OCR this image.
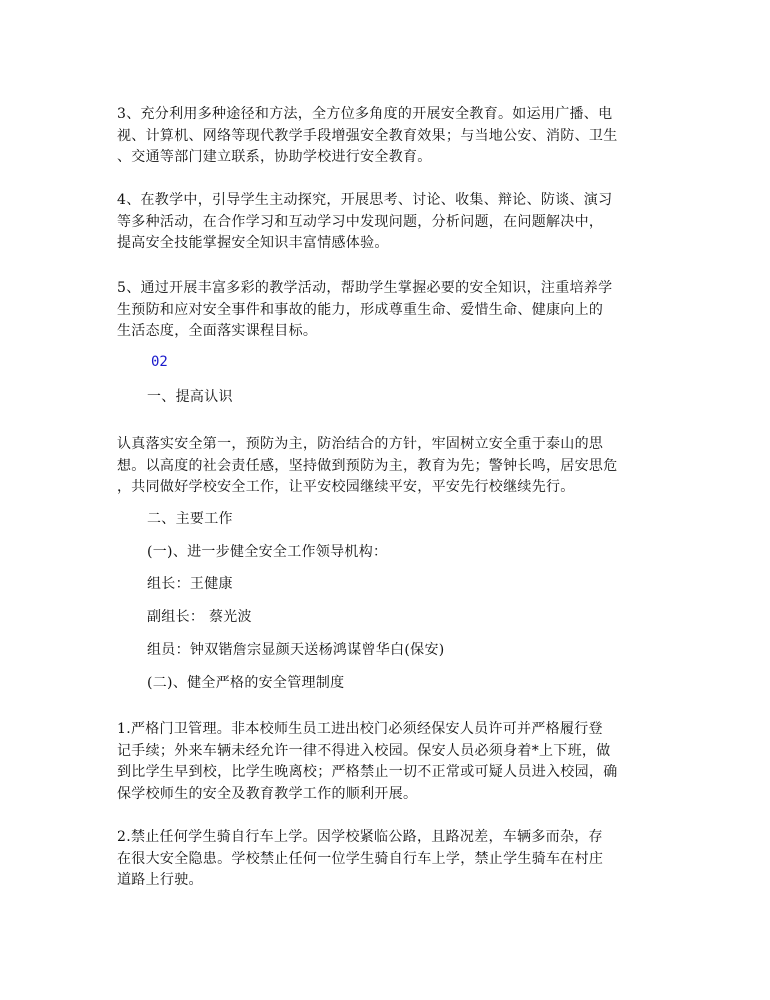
3、充分利用多种途径和方法，全方位多角度的开展安全教育。如运用广播、电
视、计算机、网络等现代教学手段增强安全教育效果；与当地公安、消防、卫生
、交通等部门建立联系，协助学校进行安全教育。

4、在教学中，引导学生主动探究，开展思考、讨论、收集、辩论、防谈、演习
等多种活动，在合作学习和互动学习中发现问题，分析问题，在问题解决中，
提高安全技能掌握安全知识丰富情感体验。

5、通过开展丰富多彩的教学活动，帮助学生掌握必要的安全知识，注重培养学
生预防和应对安全事件和事故的能力，形成尊重生命、爱惜生命、健康向上的
生活态度，全面落实课程目标。

02
一、提高认识

认真落实安全第一，预防为主，防治结合的方针，牢固树立安全重于泰山的思
想。以高度的社会责任感，坚持做到预防为主，教育为先；警钟长鸣，居安思危
，共同做好学校安全工作，让平安校园继续平安，平安先行校继续先行。

二、主要工作
(一)、进一步健全安全工作领导机构：
组长：王健康
副组长： 蔡光波
组员：钟双锴詹宗显颜天送杨鸿谋曾华白(保安)
(二)、健全严格的安全管理制度

1.严格门卫管理。非本校师生员工进出校门必须经保安人员许可并严格履行登
记手续；外来车辆未经允许一律不得进入校园。保安人员必须身着*上下班，做
到比学生早到校，比学生晚离校；严格禁止一切不正常或可疑人员进入校园，确
保学校师生的安全及教育教学工作的顺利开展。

2.禁止任何学生骑自行车上学。因学校紧临公路，且路况差，车辆多而杂，存
在很大安全隐患。学校禁止任何一位学生骑自行车上学，禁止学生骑车在村庄
道路上行驶。
